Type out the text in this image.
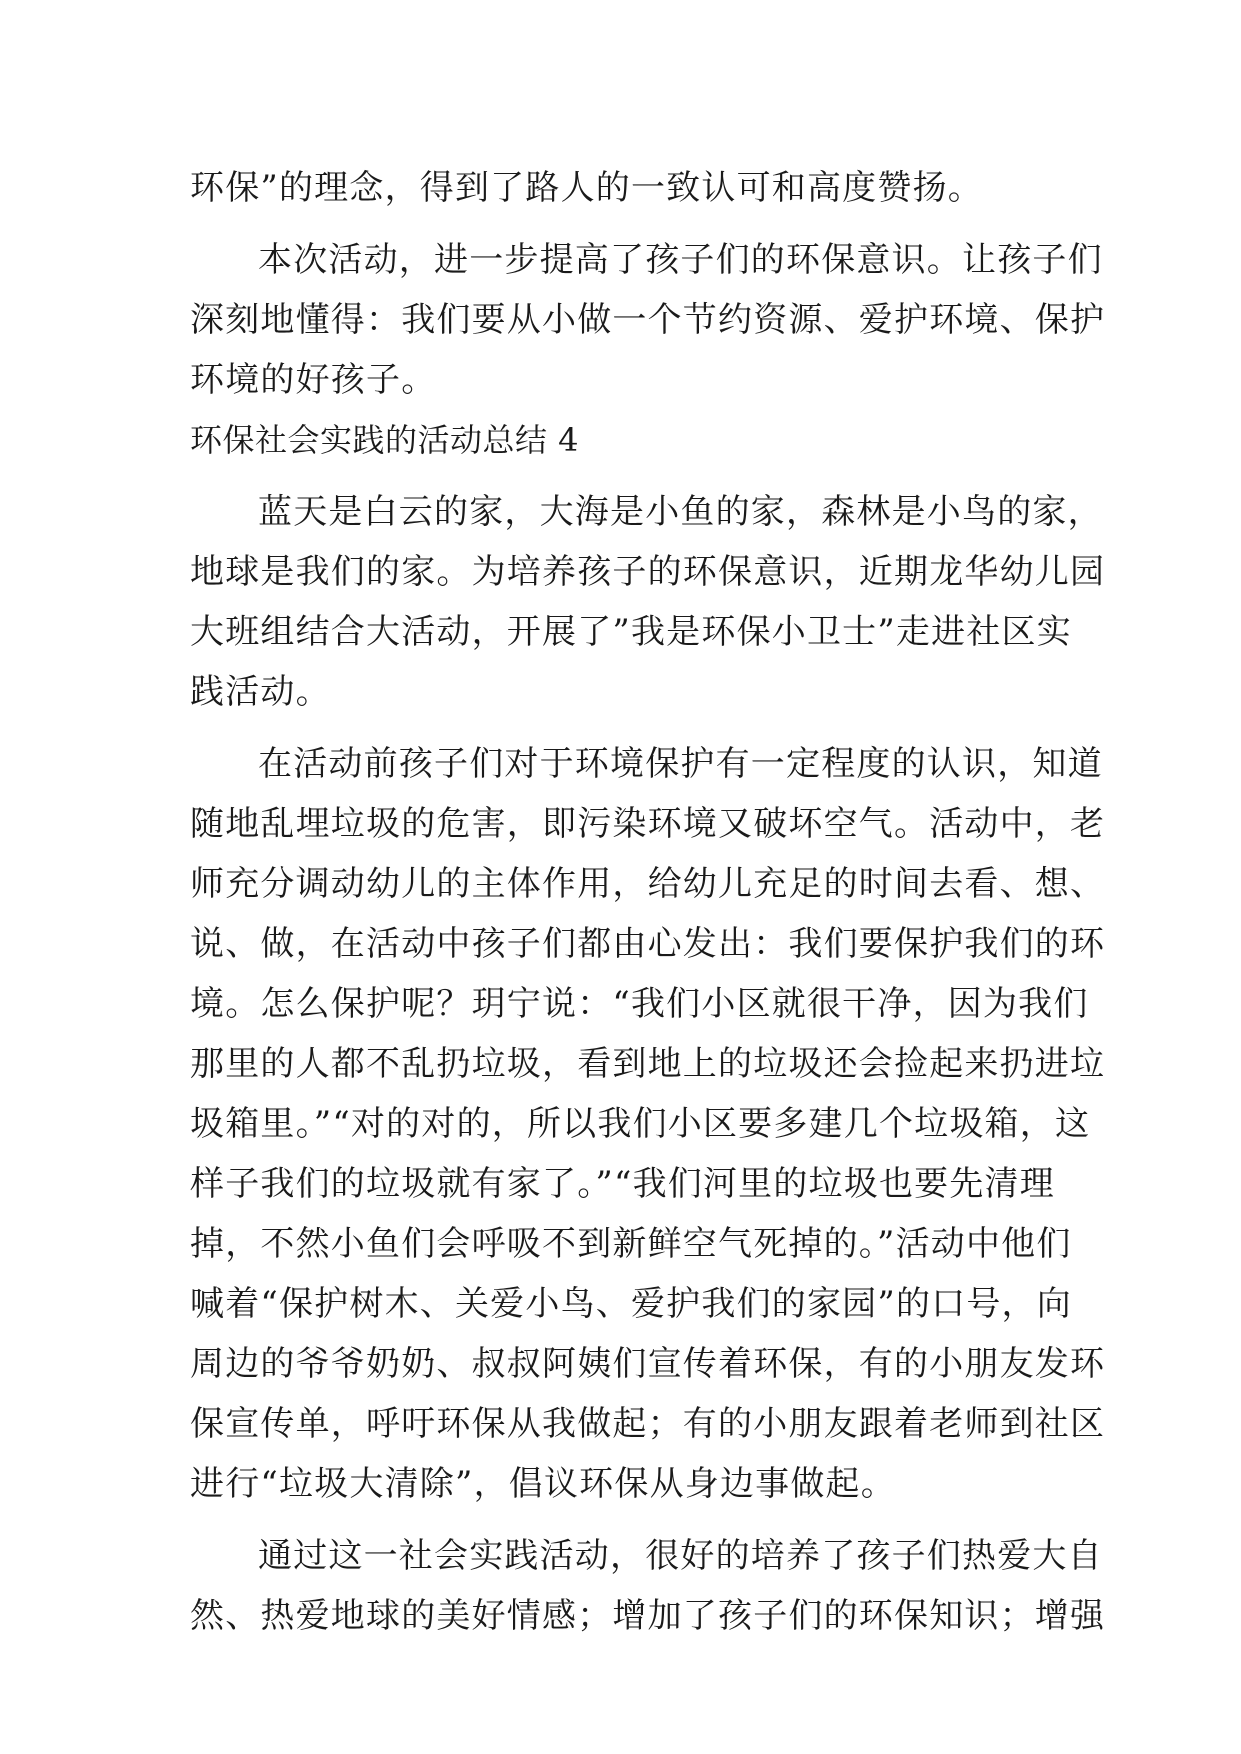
环保”的理念，得到了路人的一致认可和高度赞扬。
本次活动，进一步提高了孩子们的环保意识。让孩子们
深刻地懂得：我们要从小做一个节约资源、爱护环境、保护
环境的好孩子。
环保社会实践的活动总结 4
蓝天是白云的家，大海是小鱼的家，森林是小鸟的家，
地球是我们的家。为培养孩子的环保意识，近期龙华幼儿园
大班组结合大活动，开展了”我是环保小卫士”走进社区实
践活动。
在活动前孩子们对于环境保护有一定程度的认识，知道
随地乱埋垃圾的危害，即污染环境又破坏空气。活动中，老
师充分调动幼儿的主体作用，给幼儿充足的时间去看、想、
说、做，在活动中孩子们都由心发出：我们要保护我们的环
境。怎么保护呢？玥宁说：“我们小区就很干净，因为我们
那里的人都不乱扔垃圾，看到地上的垃圾还会捡起来扔进垃
圾箱里。”“对的对的，所以我们小区要多建几个垃圾箱，这
样子我们的垃圾就有家了。”“我们河里的垃圾也要先清理
掉，不然小鱼们会呼吸不到新鲜空气死掉的。”活动中他们
喊着“保护树木、关爱小鸟、爱护我们的家园”的口号，向
周边的爷爷奶奶、叔叔阿姨们宣传着环保，有的小朋友发环
保宣传单，呼吁环保从我做起；有的小朋友跟着老师到社区
进行“垃圾大清除”，倡议环保从身边事做起。
通过这一社会实践活动，很好的培养了孩子们热爱大自
然、热爱地球的美好情感；增加了孩子们的环保知识；增强
